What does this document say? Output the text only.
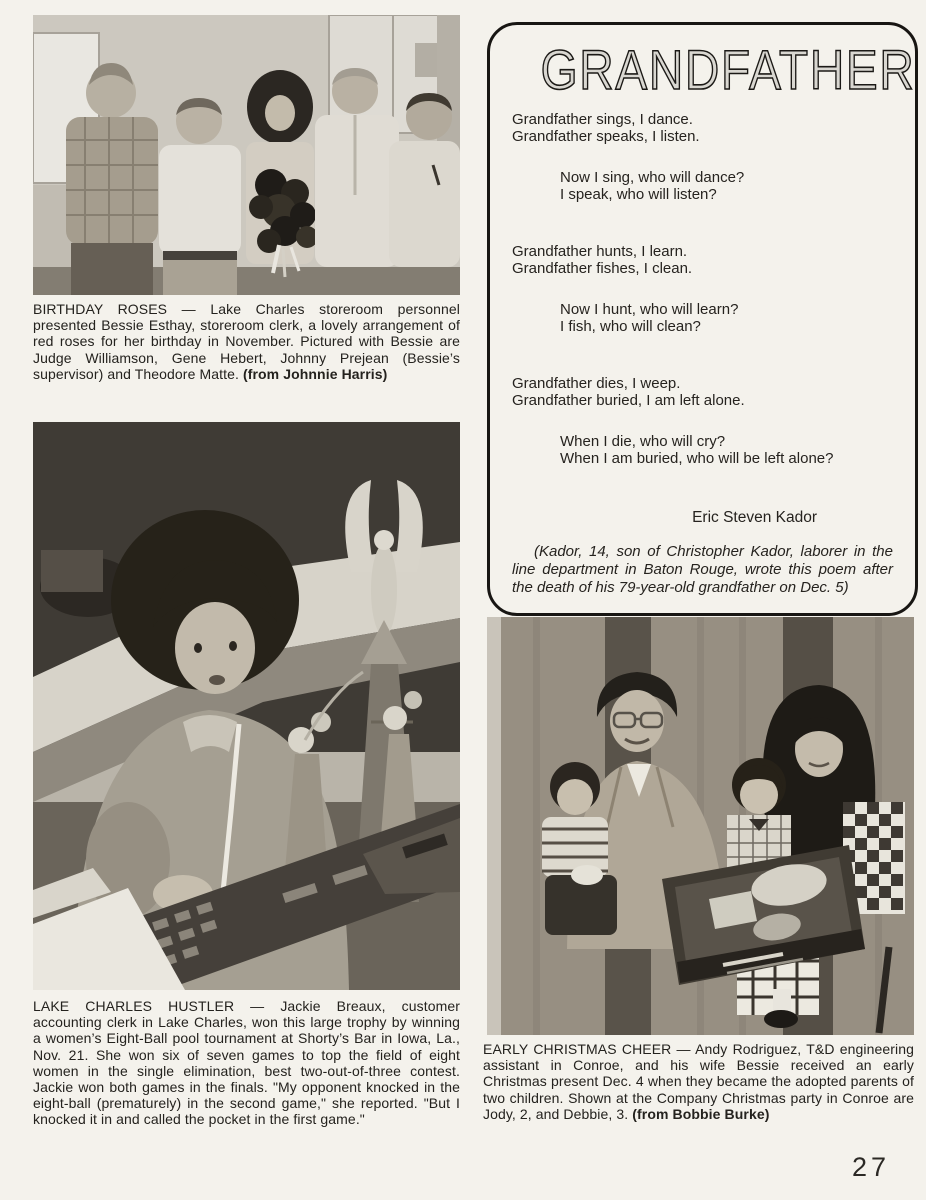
BIRTHDAY ROSES — Lake Charles storeroom personnel presented Bessie Esthay, storeroom clerk, a lovely arrangement of red roses for her birthday in November. Pictured with Bessie are Judge Williamson, Gene Hebert, Johnny Prejean (Bessie’s supervisor) and Theodore Matte. (from Johnnie Harris)

LAKE CHARLES HUSTLER — Jackie Breaux, customer accounting clerk in Lake Charles, won this large trophy by winning a women’s Eight-Ball pool tournament at Shorty’s Bar in Iowa, La., Nov. 21. She won six of seven games to top the field of eight women in the single elimination, best two-out-of-three contest. Jackie won both games in the finals. "My opponent knocked in the eight-ball (prematurely) in the second game," she reported. "But I knocked it in and called the pocket in the first game."

GRANDFATHER
Grandfather sings, I dance.
Grandfather speaks, I listen.
Now I sing, who will dance?
I speak, who will listen?
Grandfather hunts, I learn.
Grandfather fishes, I clean.
Now I hunt, who will learn?
I fish, who will clean?
Grandfather dies, I weep.
Grandfather buried, I am left alone.
When I die, who will cry?
When I am buried, who will be left alone?
Eric Steven Kador
(Kador, 14, son of Christopher Kador, laborer in the line department in Baton Rouge, wrote this poem after the death of his 79-year-old grandfather on Dec. 5)

EARLY CHRISTMAS CHEER — Andy Rodriguez, T&D engineering assistant in Conroe, and his wife Bessie received an early Christmas present Dec. 4 when they became the adopted parents of two children. Shown at the Company Christmas party in Conroe are Jody, 2, and Debbie, 3. (from Bobbie Burke)

27
